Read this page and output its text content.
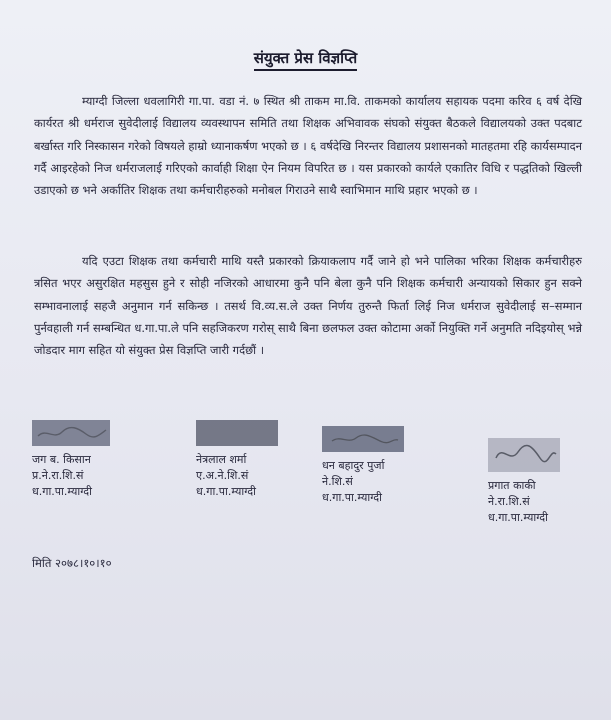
संयुक्त प्रेस विज्ञप्ति

म्याग्दी जिल्ला धवलागिरी गा.पा. वडा नं. ७ स्थित श्री ताकम मा.वि. ताकमको कार्यालय सहायक पदमा करिव ६ वर्ष देखि कार्यरत श्री धर्मराज सुवेदीलाई विद्यालय व्यवस्थापन समिति तथा शिक्षक अभिवावक संघको संयुक्त बैठकले विद्यालयको उक्त पदबाट बर्खास्त गरि निस्कासन गरेको विषयले हाम्रो ध्यानाकर्षण भएको छ । ६ वर्षदेखि निरन्तर विद्यालय प्रशासनको मातहतमा रहि कार्यसम्पादन गर्दै आइरहेको निज धर्मराजलाई गरिएको कार्वाही शिक्षा ऐन नियम विपरित छ । यस प्रकारको कार्यले एकातिर विधि र पद्धतिको खिल्ली उडाएको छ भने अर्कातिर शिक्षक तथा कर्मचारीहरुको मनोबल गिराउने साथै स्वाभिमान माथि प्रहार भएको छ ।

यदि एउटा शिक्षक तथा कर्मचारी माथि यस्तै प्रकारको क्रियाकलाप गर्दै जाने हो भने पालिका भरिका शिक्षक कर्मचारीहरु त्रसित भएर असुरक्षित महसुस हुने र सोही नजिरको आधारमा कुनै पनि बेला कुनै पनि शिक्षक कर्मचारी अन्यायको सिकार हुन सक्ने सम्भावनालाई सहजै अनुमान गर्न सकिन्छ । तसर्थ वि.व्य.स.ले उक्त निर्णय तुरुन्तै फिर्ता लिई निज धर्मराज सुवेदीलाई स–सम्मान पुर्नवहाली गर्न सम्बन्धित ध.गा.पा.ले पनि सहजिकरण गरोस् साथै बिना छलफल उक्त कोटामा अर्को नियुक्ति गर्ने अनुमति नदिइयोस् भन्ने जोडदार माग सहित यो संयुक्त प्रेस विज्ञप्ति जारी गर्दछौं ।

जग ब. किसान
प्र.ने.रा.शि.सं
ध.गा.पा.म्याग्दी
नेत्रलाल शर्मा
ए.अ.ने.शि.सं
ध.गा.पा.म्याग्दी
धन बहादुर पुर्जा
ने.शि.सं
ध.गा.पा.म्याग्दी
प्रगात काकी
ने.रा.शि.सं
ध.गा.पा.म्याग्दी
मिति २०७८।१०।१०
